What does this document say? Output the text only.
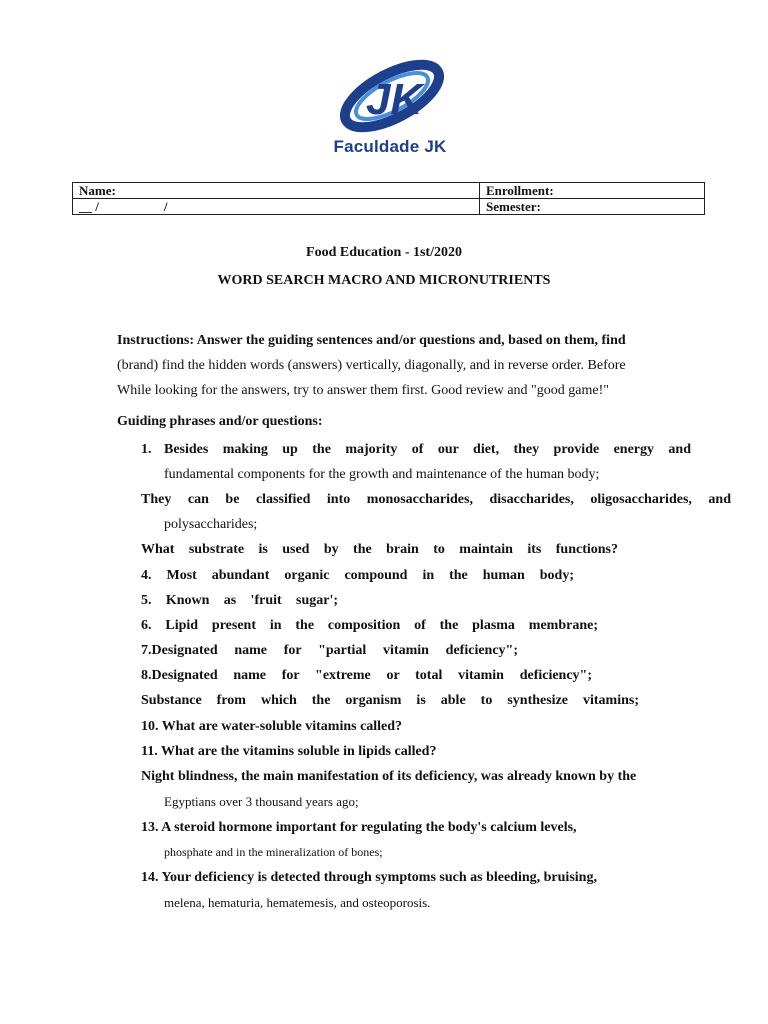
JK
Faculdade JK
Name:	Enrollment:
__ /                    /	Semester:
Food Education - 1st/2020
WORD SEARCH MACRO AND MICRONUTRIENTS
Instructions: Answer the guiding sentences and/or questions and, based on them, find
(brand) find the hidden words (answers) vertically, diagonally, and in reverse order. Before
While looking for the answers, try to answer them first. Good review and "good game!"
Guiding phrases and/or questions:
1. Besides making up the majority of our diet, they provide energy and
fundamental components for the growth and maintenance of the human body;
They can be classified into monosaccharides, disaccharides, oligosaccharides, and
polysaccharides;
What substrate is used by the brain to maintain its functions?
4. Most abundant organic compound in the human body;
5. Known as 'fruit sugar';
6. Lipid present in the composition of the plasma membrane;
7.Designated name for "partial vitamin deficiency";
8.Designated name for "extreme or total vitamin deficiency";
Substance from which the organism is able to synthesize vitamins;
10. What are water-soluble vitamins called?
11. What are the vitamins soluble in lipids called?
Night blindness, the main manifestation of its deficiency, was already known by the
Egyptians over 3 thousand years ago;
13. A steroid hormone important for regulating the body's calcium levels,
phosphate and in the mineralization of bones;
14. Your deficiency is detected through symptoms such as bleeding, bruising,
melena, hematuria, hematemesis, and osteoporosis.
